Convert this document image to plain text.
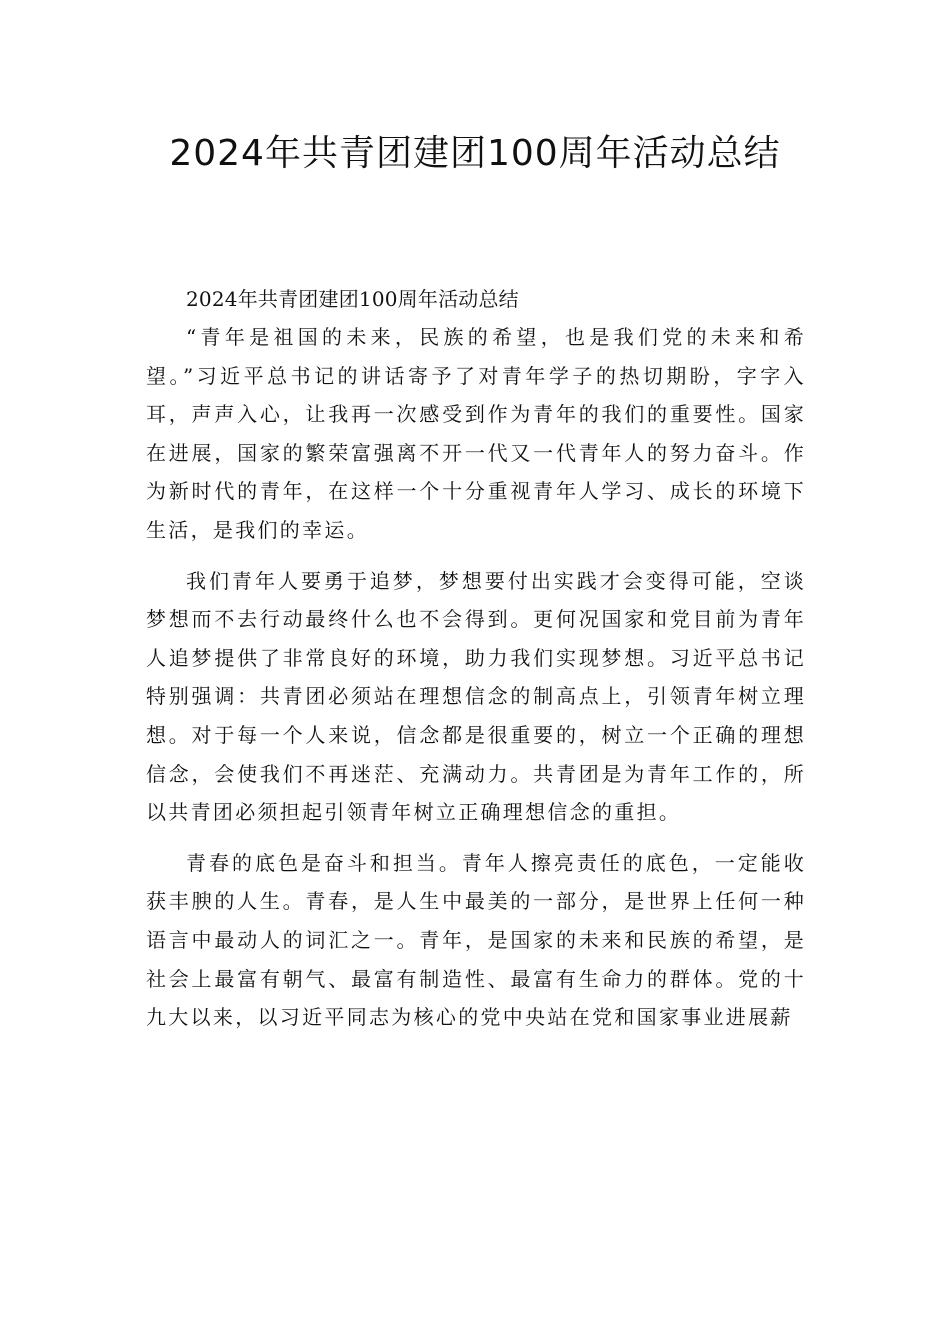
2024年共青团建团100周年活动总结

2024年共青团建团100周年活动总结

“青年是祖国的未来，民族的希望，也是我们党的未来和希望。”习近平总书记的讲话寄予了对青年学子的热切期盼，字字入耳，声声入心，让我再一次感受到作为青年的我们的重要性。国家在进展，国家的繁荣富强离不开一代又一代青年人的努力奋斗。作为新时代的青年，在这样一个十分重视青年人学习、成长的环境下生活，是我们的幸运。

我们青年人要勇于追梦，梦想要付出实践才会变得可能，空谈梦想而不去行动最终什么也不会得到。更何况国家和党目前为青年人追梦提供了非常良好的环境，助力我们实现梦想。习近平总书记特别强调：共青团必须站在理想信念的制高点上，引领青年树立理想。对于每一个人来说，信念都是很重要的，树立一个正确的理想信念，会使我们不再迷茫、充满动力。共青团是为青年工作的，所以共青团必须担起引领青年树立正确理想信念的重担。

青春的底色是奋斗和担当。青年人擦亮责任的底色，一定能收获丰腴的人生。青春，是人生中最美的一部分，是世界上任何一种语言中最动人的词汇之一。青年，是国家的未来和民族的希望，是社会上最富有朝气、最富有制造性、最富有生命力的群体。党的十九大以来，以习近平同志为核心的党中央站在党和国家事业进展薪
